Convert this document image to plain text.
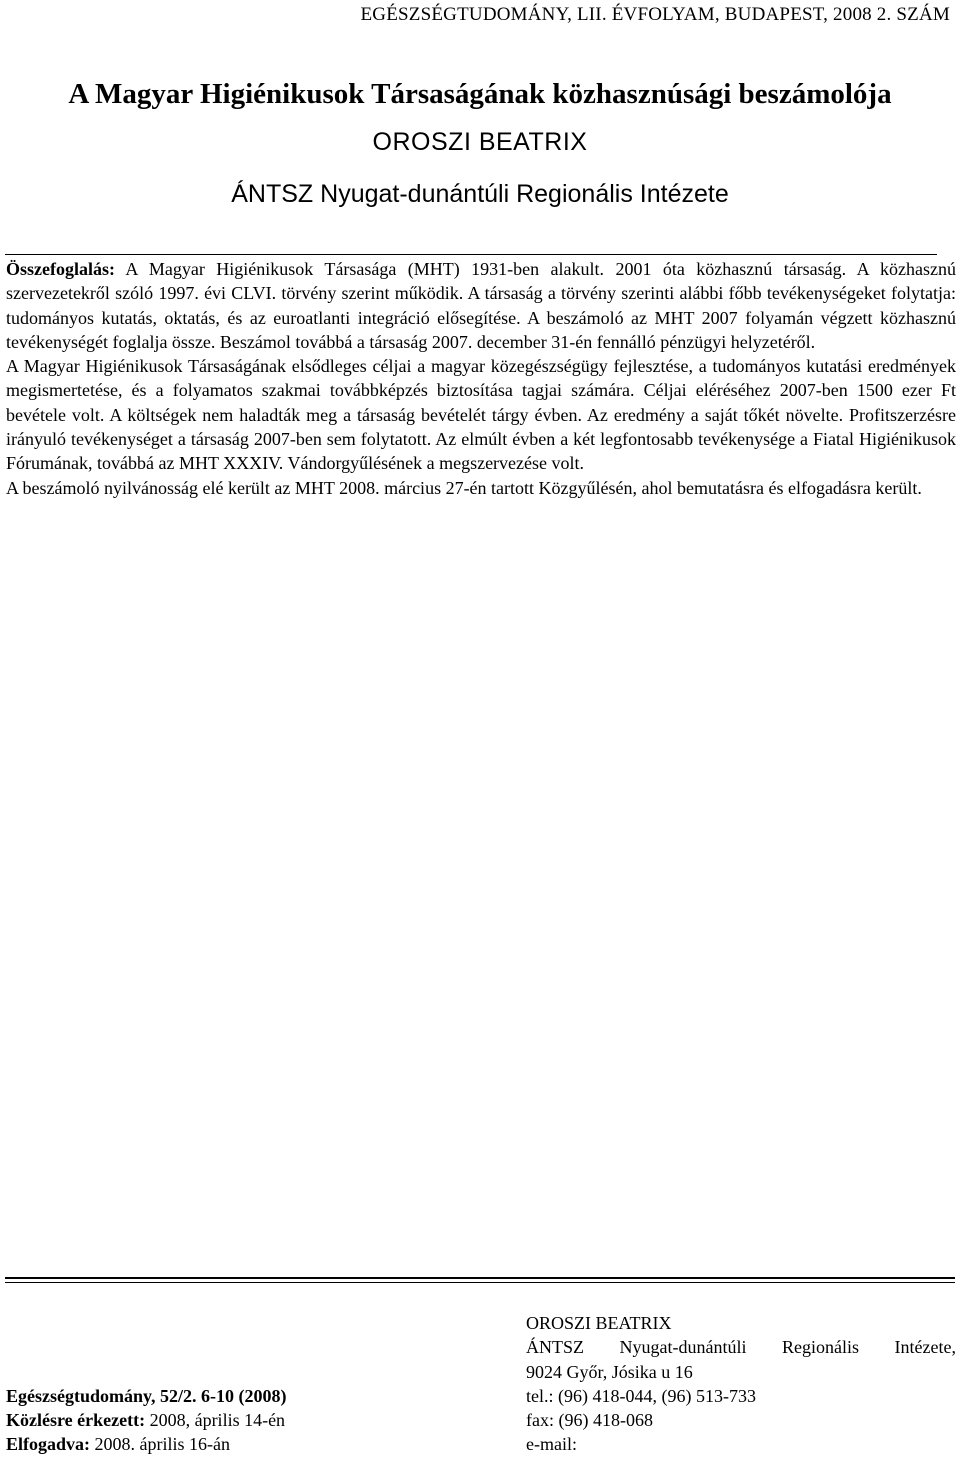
EGÉSZSÉGTUDOMÁNY, LII. ÉVFOLYAM, BUDAPEST, 2008 2. SZÁM
A Magyar Higiénikusok Társaságának közhasznúsági beszámolója
OROSZI BEATRIX
ÁNTSZ Nyugat-dunántúli Regionális Intézete

Összefoglalás: A Magyar Higiénikusok Társasága (MHT) 1931-ben alakult. 2001 óta közhasznú társaság. A közhasznú szervezetekről szóló 1997. évi CLVI. törvény szerint működik. A társaság a törvény szerinti alábbi főbb tevékenységeket folytatja: tudományos kutatás, oktatás, és az euroatlanti integráció elősegítése. A beszámoló az MHT 2007 folyamán végzett közhasznú tevékenységét foglalja össze. Beszámol továbbá a társaság 2007. december 31-én fennálló pénzügyi helyzetéről.

A Magyar Higiénikusok Társaságának elsődleges céljai a magyar közegészségügy fejlesztése, a tudományos kutatási eredmények megismertetése, és a folyamatos szakmai továbbképzés biztosítása tagjai számára. Céljai eléréséhez 2007-ben 1500 ezer Ft bevétele volt. A költségek nem haladták meg a társaság bevételét tárgy évben. Az eredmény a saját tőkét növelte. Profitszerzésre irányuló tevékenységet a társaság 2007-ben sem folytatott. Az elmúlt évben a két legfontosabb tevékenysége a Fiatal Higiénikusok Fórumának, továbbá az MHT XXXIV. Vándorgyűlésének a megszervezése volt.

A beszámoló nyilvánosság elé került az MHT 2008. március 27-én tartott Közgyűlésén, ahol bemutatásra és elfogadásra került.

OROSZI BEATRIX
ÁNTSZ Nyugat-dunántúli Regionális Intézete,
9024 Győr, Jósika u 16
tel.: (96) 418-044, (96) 513-733
fax: (96) 418-068
e-mail:
Egészségtudomány, 52/2. 6-10 (2008)
Közlésre érkezett: 2008, április 14-én
Elfogadva: 2008. április 16-án
